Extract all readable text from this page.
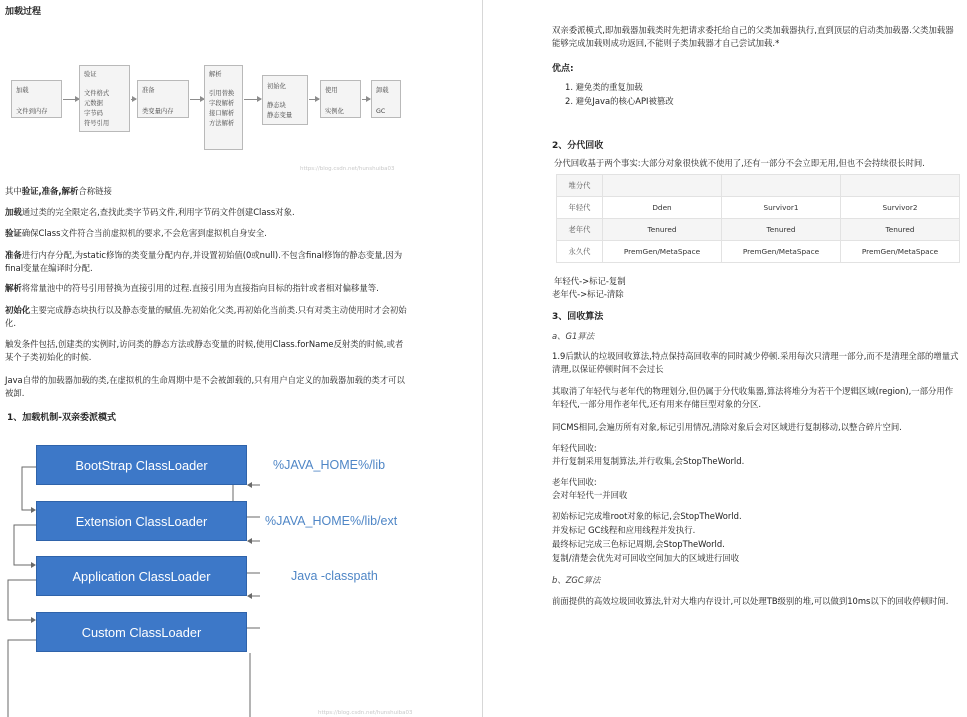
加载过程
加载
文件到内存
验证
文件格式
元数据
字节码
符号引用
准备
类变量内存
解析
引用替换
字段解析
接口解析
方法解析
初始化
静态块
静态变量
使用
实例化
卸载
GC
https://blog.csdn.net/hunshuiba03
其中验证,准备,解析合称链接
加载通过类的完全限定名,查找此类字节码文件,利用字节码文件创建Class对象.
验证确保Class文件符合当前虚拟机的要求,不会危害到虚拟机自身安全.
准备进行内存分配,为static修饰的类变量分配内存,并设置初始值(0或null).不包含final修饰的静态变量,因为final变量在编译时分配.
解析将常量池中的符号引用替换为直接引用的过程.直接引用为直接指向目标的指针或者相对偏移量等.
初始化主要完成静态块执行以及静态变量的赋值.先初始化父类,再初始化当前类.只有对类主动使用时才会初始化.
触发条件包括,创建类的实例时,访问类的静态方法或静态变量的时候,使用Class.forName反射类的时候,或者某个子类初始化的时候.
Java自带的加载器加载的类,在虚拟机的生命周期中是不会被卸载的,只有用户自定义的加载器加载的类才可以被卸.
1、加载机制-双亲委派模式
BootStrap ClassLoader
Extension ClassLoader
Application ClassLoader
Custom ClassLoader
%JAVA_HOME%/lib
%JAVA_HOME%/lib/ext
Java -classpath
https://blog.csdn.net/hunshuiba03
双亲委派模式,即加载器加载类时先把请求委托给自己的父类加载器执行,直到顶层的启动类加载器.父类加载器能够完成加载则成功返回,不能则子类加载器才自己尝试加载.*
优点:
1. 避免类的重复加载
2. 避免Java的核心API被篡改
2、分代回收
分代回收基于两个事实:大部分对象很快就不使用了,还有一部分不会立即无用,但也不会持续很长时间.
堆分代			
年轻代	Dden	Survivor1	Survivor2
老年代	Tenured	Tenured	Tenured
永久代	PremGen/MetaSpace	PremGen/MetaSpace	PremGen/MetaSpace
年轻代->标记-复制
老年代->标记-清除
3、回收算法
a、G1算法
1.9后默认的垃圾回收算法,特点保持高回收率的同时减少停顿.采用每次只清理一部分,而不是清理全部的增量式清理,以保证停顿时间不会过长
其取消了年轻代与老年代的物理划分,但仍属于分代收集器,算法将堆分为若干个逻辑区域(region),一部分用作年轻代,一部分用作老年代,还有用来存储巨型对象的分区.
同CMS相同,会遍历所有对象,标记引用情况,清除对象后会对区域进行复制移动,以整合碎片空间.
年轻代回收:
并行复制采用复制算法,并行收集,会StopTheWorld.
老年代回收:
会对年轻代一并回收
初始标记完成堆root对象的标记,会StopTheWorld.
并发标记 GC线程和应用线程并发执行.
最终标记完成三色标记周期,会StopTheWorld.
复制/清楚会优先对可回收空间加大的区域进行回收
b、ZGC算法
前面提供的高效垃圾回收算法,针对大堆内存设计,可以处理TB级别的堆,可以做到10ms以下的回收停顿时间.
